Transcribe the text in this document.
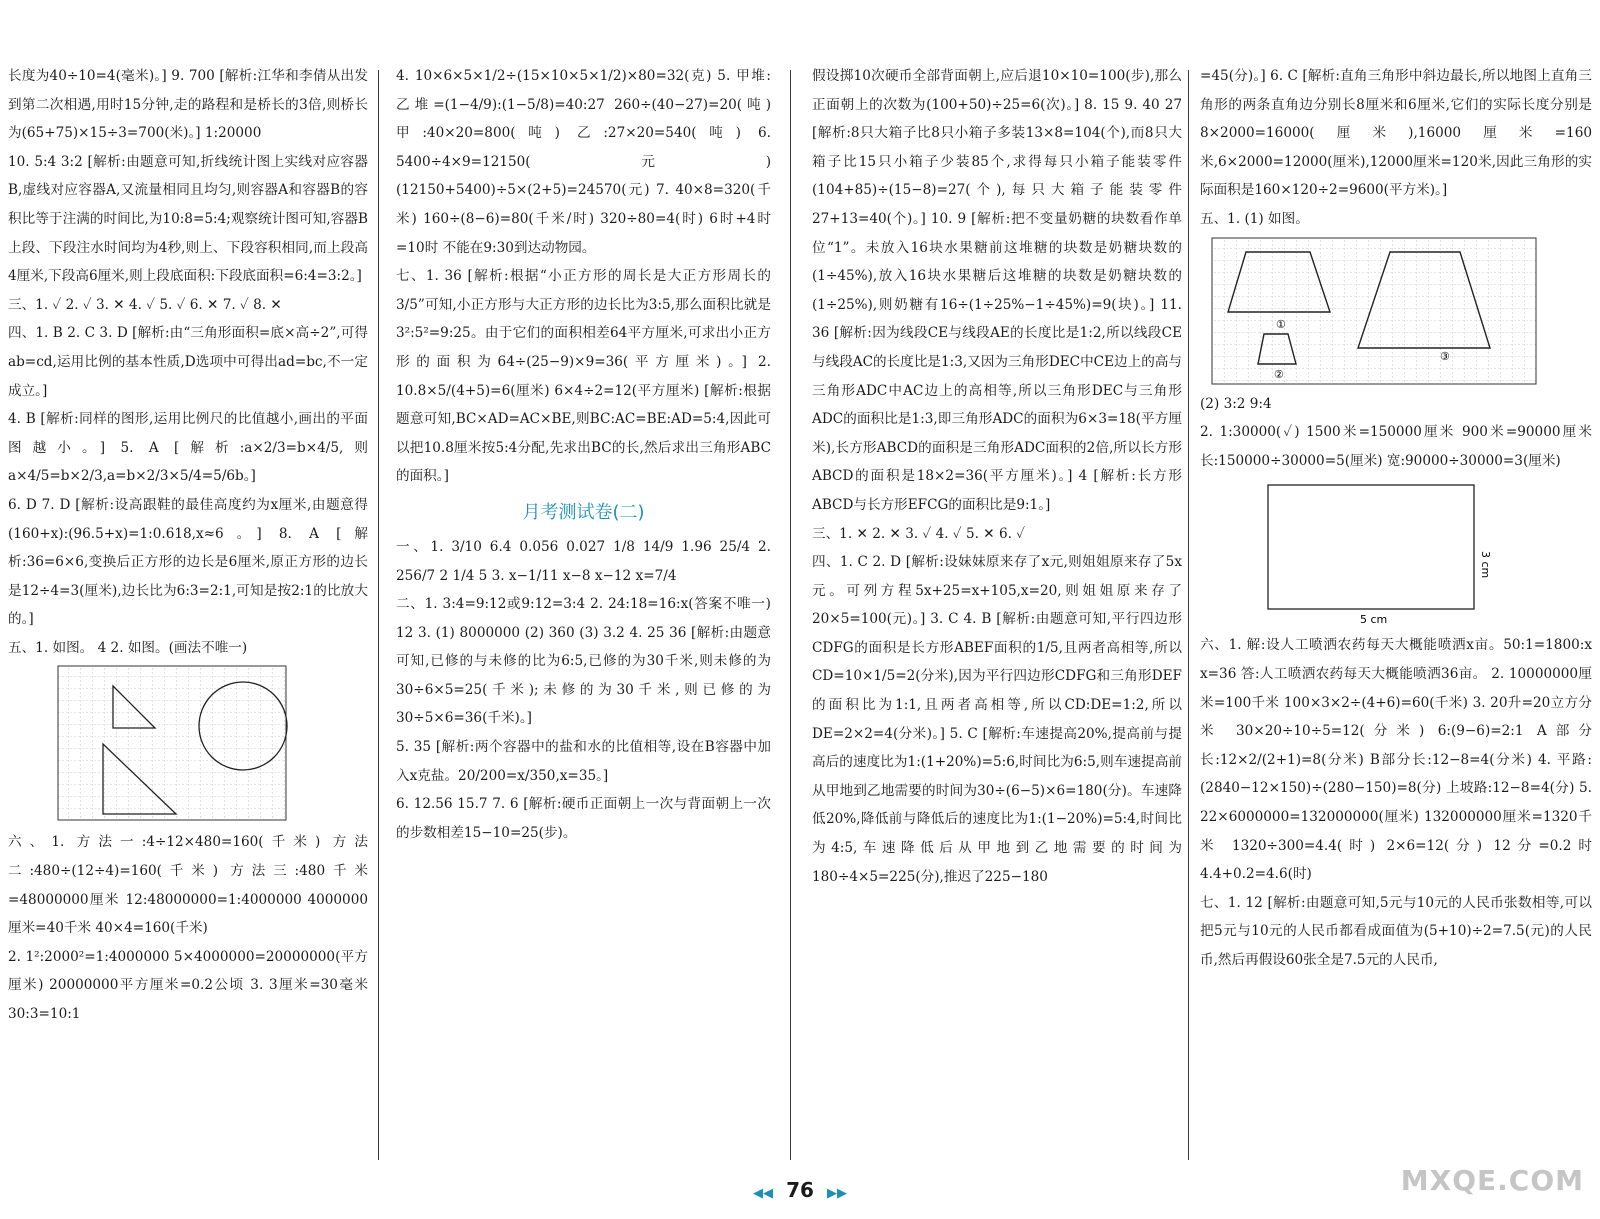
长度为40÷10=4(毫米)。] 9. 700 [解析:江华和李倩从出发到第二次相遇,用时15分钟,走的路程和是桥长的3倍,则桥长为(65+75)×15÷3=700(米)。] 1:20000

10. 5:4 3:2 [解析:由题意可知,折线统计图上实线对应容器B,虚线对应容器A,又流量相同且均匀,则容器A和容器B的容积比等于注满的时间比,为10:8=5:4;观察统计图可知,容器B上段、下段注水时间均为4秒,则上、下段容积相同,而上段高4厘米,下段高6厘米,则上段底面积:下段底面积=6:4=3:2。]

三、1. ✓ 2. ✓ 3. ✕ 4. ✓ 5. ✓ 6. ✕ 7. ✓ 8. ✕

四、1. B 2. C 3. D [解析:由“三角形面积=底×高÷2”,可得ab=cd,运用比例的基本性质,D选项中可得出ad=bc,不一定成立。]

4. B [解析:同样的图形,运用比例尺的比值越小,画出的平面图越小。] 5. A [解析:a×2/3=b×4/5,则a×4/5=b×2/3,a=b×2/3×5/4=5/6b。]

6. D 7. D [解析:设高跟鞋的最佳高度约为x厘米,由题意得(160+x):(96.5+x)=1:0.618,x≈6。] 8. A [解析:36=6×6,变换后正方形的边长是6厘米,原正方形的边长是12÷4=3(厘米),边长比为6:3=2:1,可知是按2:1的比放大的。]

五、1. 如图。 4 2. 如图。(画法不唯一)

六、1. 方法一:4÷12×480=160(千米) 方法二:480÷(12÷4)=160(千米) 方法三:480千米=48000000厘米 12:48000000=1:4000000 4000000厘米=40千米 40×4=160(千米)

2. 1²:2000²=1:4000000 5×4000000=20000000(平方厘米) 20000000平方厘米=0.2公顷 3. 3厘米=30毫米 30:3=10:1

4. 10×6×5×1/2÷(15×10×5×1/2)×80=32(克) 5. 甲堆:乙堆=(1−4/9):(1−5/8)=40:27 260÷(40−27)=20(吨) 甲:40×20=800(吨) 乙:27×20=540(吨) 6. 5400÷4×9=12150(元) (12150+5400)÷5×(2+5)=24570(元) 7. 40×8=320(千米) 160÷(8−6)=80(千米/时) 320÷80=4(时) 6时+4时=10时 不能在9:30到达动物园。

七、1. 36 [解析:根据“小正方形的周长是大正方形周长的3/5”可知,小正方形与大正方形的边长比为3:5,那么面积比就是3²:5²=9:25。由于它们的面积相差64平方厘米,可求出小正方形的面积为64÷(25−9)×9=36(平方厘米)。] 2. 10.8×5/(4+5)=6(厘米) 6×4÷2=12(平方厘米) [解析:根据题意可知,BC×AD=AC×BE,则BC:AC=BE:AD=5:4,因此可以把10.8厘米按5:4分配,先求出BC的长,然后求出三角形ABC的面积。]

月考测试卷(二)

一、1. 3/10 6.4 0.056 0.027 1/8 14/9 1.96 25/4 2. 256/7 2 1/4 5 3. x−1/11 x−8 x−12 x=7/4

二、1. 3:4=9:12或9:12=3:4 2. 24:18=16:x(答案不唯一) 12 3. (1) 8000000 (2) 360 (3) 3.2 4. 25 36 [解析:由题意可知,已修的与未修的比为6:5,已修的为30千米,则未修的为30÷6×5=25(千米);未修的为30千米,则已修的为30÷5×6=36(千米)。]

5. 35 [解析:两个容器中的盐和水的比值相等,设在B容器中加入x克盐。20/200=x/350,x=35。]

6. 12.56 15.7 7. 6 [解析:硬币正面朝上一次与背面朝上一次的步数相差15−10=25(步)。

假设掷10次硬币全部背面朝上,应后退10×10=100(步),那么正面朝上的次数为(100+50)÷25=6(次)。] 8. 15 9. 40 27 [解析:8只大箱子比8只小箱子多装13×8=104(个),而8只大箱子比15只小箱子少装85个,求得每只小箱子能装零件(104+85)÷(15−8)=27(个),每只大箱子能装零件27+13=40(个)。] 10. 9 [解析:把不变量奶糖的块数看作单位“1”。未放入16块水果糖前这堆糖的块数是奶糖块数的(1÷45%),放入16块水果糖后这堆糖的块数是奶糖块数的(1÷25%),则奶糖有16÷(1÷25%−1÷45%)=9(块)。] 11. 36 [解析:因为线段CE与线段AE的长度比是1:2,所以线段CE与线段AC的长度比是1:3,又因为三角形DEC中CE边上的高与三角形ADC中AC边上的高相等,所以三角形DEC与三角形ADC的面积比是1:3,即三角形ADC的面积为6×3=18(平方厘米),长方形ABCD的面积是三角形ADC面积的2倍,所以长方形ABCD的面积是18×2=36(平方厘米)。] 4 [解析:长方形ABCD与长方形EFCG的面积比是9:1。]

三、1. ✕ 2. ✕ 3. ✓ 4. ✓ 5. ✕ 6. ✓

四、1. C 2. D [解析:设妹妹原来存了x元,则姐姐原来存了5x元。可列方程5x+25=x+105,x=20,则姐姐原来存了20×5=100(元)。] 3. C 4. B [解析:由题意可知,平行四边形CDFG的面积是长方形ABEF面积的1/5,且两者高相等,所以CD=10×1/5=2(分米),因为平行四边形CDFG和三角形DEF的面积比为1:1,且两者高相等,所以CD:DE=1:2,所以DE=2×2=4(分米)。] 5. C [解析:车速提高20%,提高前与提高后的速度比为1:(1+20%)=5:6,时间比为6:5,则车速提高前从甲地到乙地需要的时间为30÷(6−5)×6=180(分)。车速降低20%,降低前与降低后的速度比为1:(1−20%)=5:4,时间比为4:5,车速降低后从甲地到乙地需要的时间为180÷4×5=225(分),推迟了225−180

=45(分)。] 6. C [解析:直角三角形中斜边最长,所以地图上直角三角形的两条直角边分别长8厘米和6厘米,它们的实际长度分别是8×2000=16000(厘米),16000厘米=160米,6×2000=12000(厘米),12000厘米=120米,因此三角形的实际面积是160×120÷2=9600(平方米)。]

五、1. (1) 如图。

①
②
③

(2) 3:2 9:4

2. 1:30000(✓) 1500米=150000厘米 900米=90000厘米 长:150000÷30000=5(厘米) 宽:90000÷30000=3(厘米)

5 cm
3 cm

六、1. 解:设人工喷洒农药每天大概能喷洒x亩。50:1=1800:x x=36 答:人工喷洒农药每天大概能喷洒36亩。 2. 10000000厘米=100千米 100×3×2÷(4+6)=60(千米) 3. 20升=20立方分米 30×20÷10÷5=12(分米) 6:(9−6)=2:1 A部分长:12×2/(2+1)=8(分米) B部分长:12−8=4(分米) 4. 平路:(2840−12×150)÷(280−150)=8(分) 上坡路:12−8=4(分) 5. 22×6000000=132000000(厘米) 132000000厘米=1320千米 1320÷300=4.4(时) 2×6=12(分) 12分=0.2时 4.4+0.2=4.6(时)

七、1. 12 [解析:由题意可知,5元与10元的人民币张数相等,可以把5元与10元的人民币都看成面值为(5+10)÷2=7.5(元)的人民币,然后再假设60张全是7.5元的人民币,

◀◀ 76 ▶▶	MXQE.COM
